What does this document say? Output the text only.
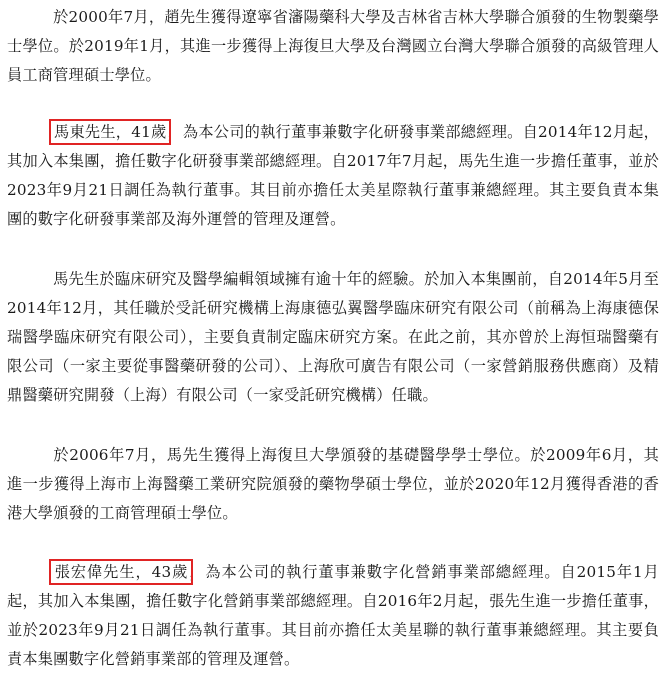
於2000年7月，趙先生獲得遼寧省瀋陽藥科大學及吉林省吉林大學聯合頒發的生物製藥學士學位。於2019年1月，其進一步獲得上海復旦大學及台灣國立台灣大學聯合頒發的高級管理人員工商管理碩士學位。

馬東先生，41歲，為本公司的執行董事兼數字化研發事業部總經理。自2014年12月起，其加入本集團，擔任數字化研發事業部總經理。自2017年7月起，馬先生進一步擔任董事，並於2023年9月21日調任為執行董事。其目前亦擔任太美星際執行董事兼總經理。其主要負責本集團的數字化研發事業部及海外運營的管理及運營。

馬先生於臨床研究及醫學編輯領域擁有逾十年的經驗。於加入本集團前，自2014年5月至2014年12月，其任職於受託研究機構上海康德弘翼醫學臨床研究有限公司（前稱為上海康德保瑞醫學臨床研究有限公司），主要負責制定臨床研究方案。在此之前，其亦曾於上海恒瑞醫藥有限公司（一家主要從事醫藥研發的公司）、上海欣可廣告有限公司（一家營銷服務供應商）及精鼎醫藥研究開發（上海）有限公司（一家受託研究機構）任職。

於2006年7月，馬先生獲得上海復旦大學頒發的基礎醫學學士學位。於2009年6月，其進一步獲得上海市上海醫藥工業研究院頒發的藥物學碩士學位，並於2020年12月獲得香港的香港大學頒發的工商管理碩士學位。

張宏偉先生，43歲，為本公司的執行董事兼數字化營銷事業部總經理。自2015年1月起，其加入本集團，擔任數字化營銷事業部總經理。自2016年2月起，張先生進一步擔任董事，並於2023年9月21日調任為執行董事。其目前亦擔任太美星聯的執行董事兼總經理。其主要負責本集團數字化營銷事業部的管理及運營。
